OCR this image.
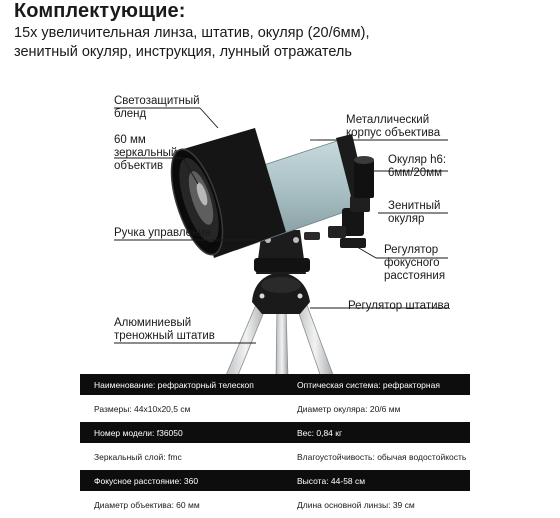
Комплектующие:
15х увеличительная линза, штатив, окуляр (20/6мм),
зенитный окуляр, инструкция, лунный отражатель
Светозащитный
бленд
60 мм
зеркальный
объектив
Ручка управления
Алюминиевый
треножный штатив
Металлический
корпус объектива
Окуляр h6:
6мм/20мм
Зенитный
окуляр
Регулятор
фокусного
расстояния
Регулятор штатива
Наименование: рефракторный телескоп	Оптическая система: рефракторная
Размеры: 44x10x20,5 см	Диаметр окуляра: 20/6 мм
Номер модели: f36050	Вес: 0,84 кг
Зеркальный слой: fmc	Влагоустойчивость: обычая водостойкость
Фокусное расстояние: 360	Высота: 44-58 см
Диаметр объектива: 60 мм	Длина основной линзы: 39 см
